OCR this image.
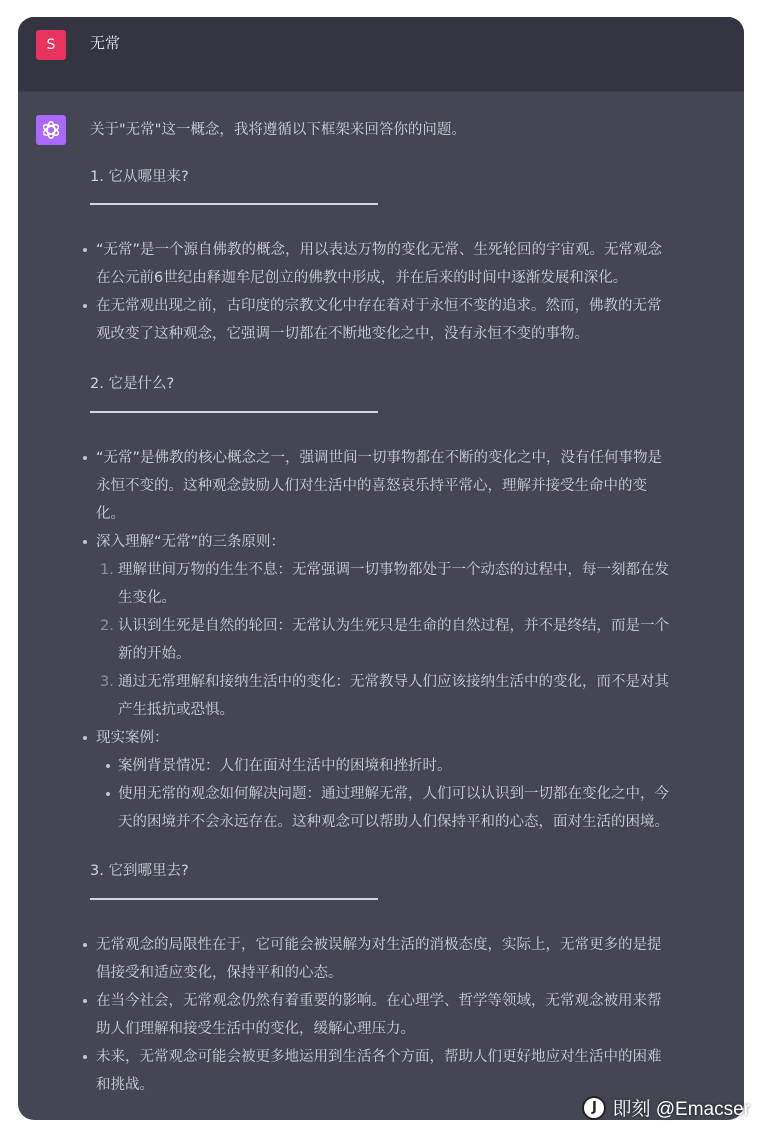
S	无常
关于"无常"这一概念，我将遵循以下框架来回答你的问题。
1. 它从哪里来?
“无常”是一个源自佛教的概念，用以表达万物的变化无常、生死轮回的宇宙观。无常观念
在公元前6世纪由释迦牟尼创立的佛教中形成，并在后来的时间中逐渐发展和深化。
在无常观出现之前，古印度的宗教文化中存在着对于永恒不变的追求。然而，佛教的无常
观改变了这种观念，它强调一切都在不断地变化之中，没有永恒不变的事物。
2. 它是什么?
“无常”是佛教的核心概念之一，强调世间一切事物都在不断的变化之中，没有任何事物是
永恒不变的。这种观念鼓励人们对生活中的喜怒哀乐持平常心，理解并接受生命中的变
化。
深入理解“无常”的三条原则：
1. 理解世间万物的生生不息：无常强调一切事物都处于一个动态的过程中，每一刻都在发
生变化。
2. 认识到生死是自然的轮回：无常认为生死只是生命的自然过程，并不是终结，而是一个
新的开始。
3. 通过无常理解和接纳生活中的变化：无常教导人们应该接纳生活中的变化，而不是对其
产生抵抗或恐惧。
现实案例：
案例背景情况：人们在面对生活中的困境和挫折时。
使用无常的观念如何解决问题：通过理解无常，人们可以认识到一切都在变化之中，今
天的困境并不会永远存在。这种观念可以帮助人们保持平和的心态，面对生活的困境。
3. 它到哪里去?
无常观念的局限性在于，它可能会被误解为对生活的消极态度，实际上，无常更多的是提
倡接受和适应变化，保持平和的心态。
在当今社会，无常观念仍然有着重要的影响。在心理学、哲学等领域，无常观念被用来帮
助人们理解和接受生活中的变化，缓解心理压力。
未来，无常观念可能会被更多地运用到生活各个方面，帮助人们更好地应对生活中的困难
和挑战。
J 即刻 @Emacser
